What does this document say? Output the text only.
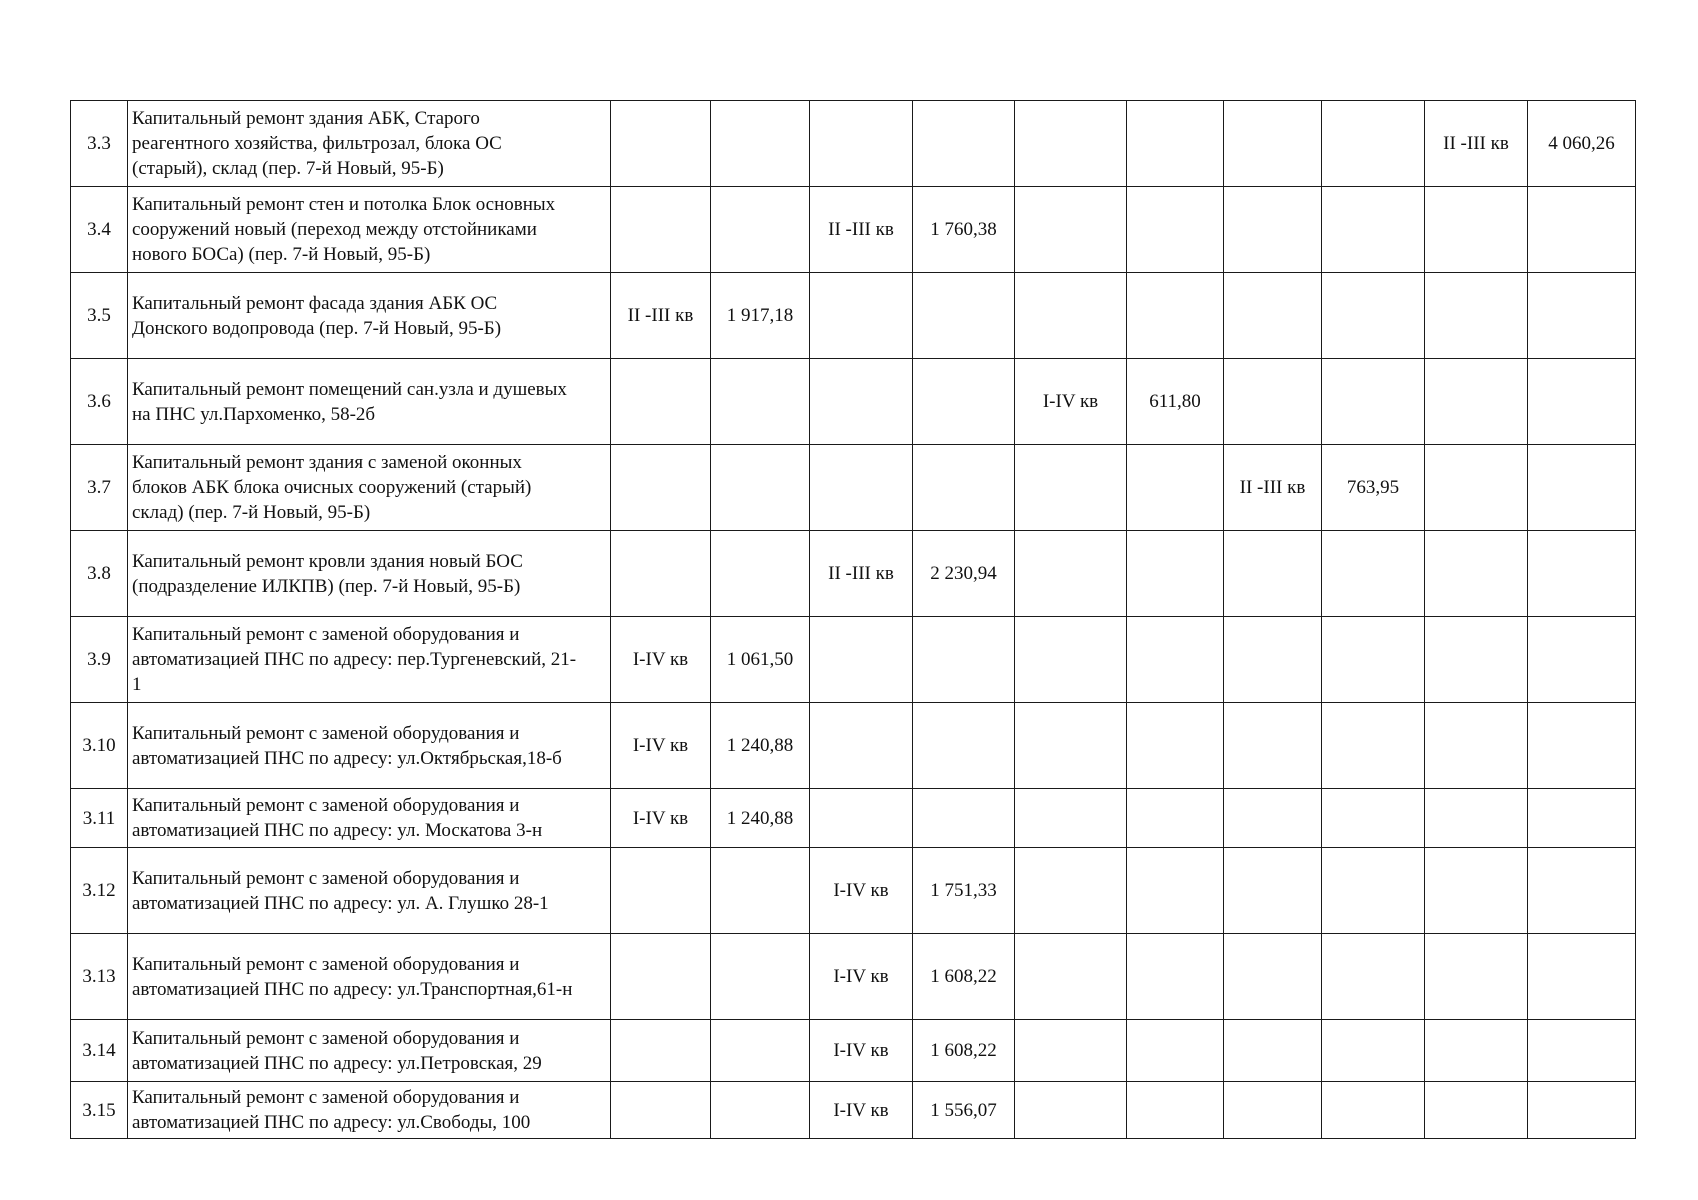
3.3	Капитальный ремонт здания АБК, Старого
реагентного хозяйства, фильтрозал, блока ОС
(старый), склад (пер. 7-й Новый, 95-Б)									II -III кв	4 060,26
3.4	Капитальный ремонт стен и потолка Блок основных
сооружений новый (переход между отстойниками
нового БОСа) (пер. 7-й Новый, 95-Б)			II -III кв	1 760,38						
3.5	Капитальный ремонт фасада здания АБК ОС
Донского водопровода (пер. 7-й Новый, 95-Б)	II -III кв	1 917,18								
3.6	Капитальный ремонт помещений сан.узла и душевых
на ПНС ул.Пархоменко, 58-2б					I-IV кв	611,80				
3.7	Капитальный ремонт здания с заменой оконных
блоков АБК блока очисных сооружений (старый)
склад) (пер. 7-й Новый, 95-Б)							II -III кв	763,95		
3.8	Капитальный ремонт кровли здания новый БОС
(подразделение ИЛКПВ) (пер. 7-й Новый, 95-Б)			II -III кв	2 230,94						
3.9	Капитальный ремонт с заменой оборудования и
автоматизацией ПНС по адресу: пер.Тургеневский, 21-
1	I-IV кв	1 061,50								
3.10	Капитальный ремонт с заменой оборудования и
автоматизацией ПНС по адресу: ул.Октябрьская,18-б	I-IV кв	1 240,88								
3.11	Капитальный ремонт с заменой оборудования и
автоматизацией ПНС по адресу: ул. Москатова 3-н	I-IV кв	1 240,88								
3.12	Капитальный ремонт с заменой оборудования и
автоматизацией ПНС по адресу: ул. А. Глушко 28-1			I-IV кв	1 751,33						
3.13	Капитальный ремонт с заменой оборудования и
автоматизацией ПНС по адресу: ул.Транспортная,61-н			I-IV кв	1 608,22						
3.14	Капитальный ремонт с заменой оборудования и
автоматизацией ПНС по адресу: ул.Петровская, 29			I-IV кв	1 608,22						
3.15	Капитальный ремонт с заменой оборудования и
автоматизацией ПНС по адресу: ул.Свободы, 100			I-IV кв	1 556,07						
